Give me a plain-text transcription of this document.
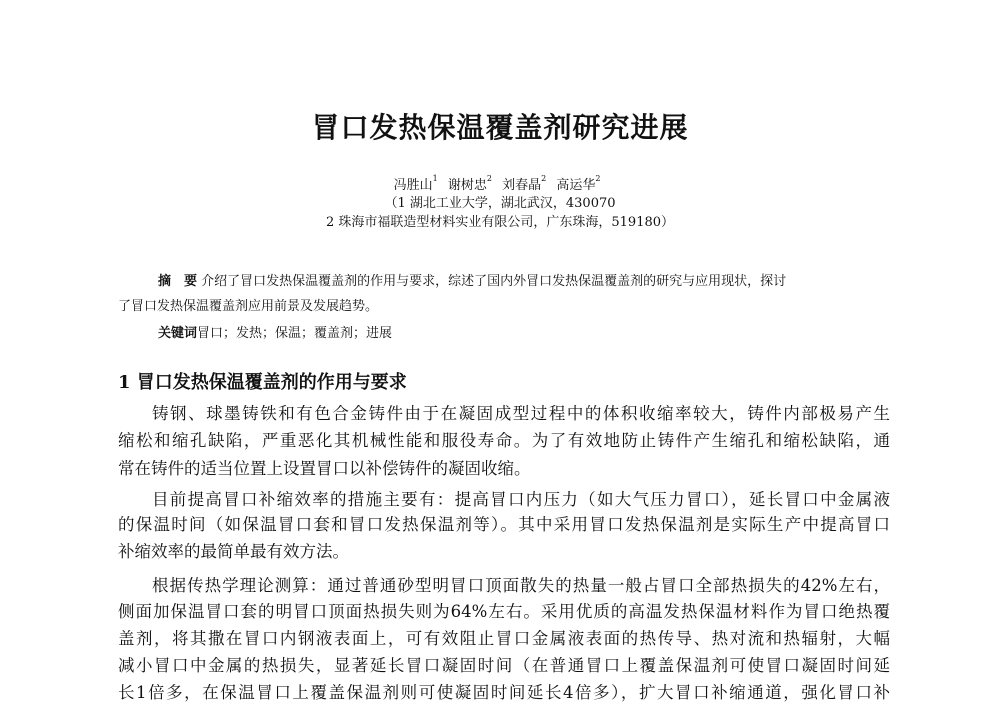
冒口发热保温覆盖剂研究进展
冯胜山$^1$ 谢树忠$^2$ 刘春晶$^2$ 高运华$^2$
（1 湖北工业大学，湖北武汉，430070
2 珠海市福联造型材料实业有限公司，广东珠海，519180）
摘　要 介绍了冒口发热保温覆盖剂的作用与要求，综述了国内外冒口发热保温覆盖剂的研究与应用现状，探讨
了冒口发热保温覆盖剂应用前景及发展趋势。
关键词冒口；发热；保温；覆盖剂；进展
1 冒口发热保温覆盖剂的作用与要求
铸钢、球墨铸铁和有色合金铸件由于在凝固成型过程中的体积收缩率较大，铸件内部极易产生
缩松和缩孔缺陷，严重恶化其机械性能和服役寿命。为了有效地防止铸件产生缩孔和缩松缺陷，通
常在铸件的适当位置上设置冒口以补偿铸件的凝固收缩。
目前提高冒口补缩效率的措施主要有：提高冒口内压力（如大气压力冒口），延长冒口中金属液
的保温时间（如保温冒口套和冒口发热保温剂等）。其中采用冒口发热保温剂是实际生产中提高冒口
补缩效率的最简单最有效方法。
根据传热学理论测算：通过普通砂型明冒口顶面散失的热量一般占冒口全部热损失的42%左右，
侧面加保温冒口套的明冒口顶面热损失则为64%左右。采用优质的高温发热保温材料作为冒口绝热覆
盖剂，将其撒在冒口内钢液表面上，可有效阻止冒口金属液表面的热传导、热对流和热辐射，大幅
减小冒口中金属的热损失，显著延长冒口凝固时间（在普通冒口上覆盖保温剂可使冒口凝固时间延
长1倍多，在保温冒口上覆盖保温剂则可使凝固时间延长4倍多），扩大冒口补缩通道，强化冒口补
